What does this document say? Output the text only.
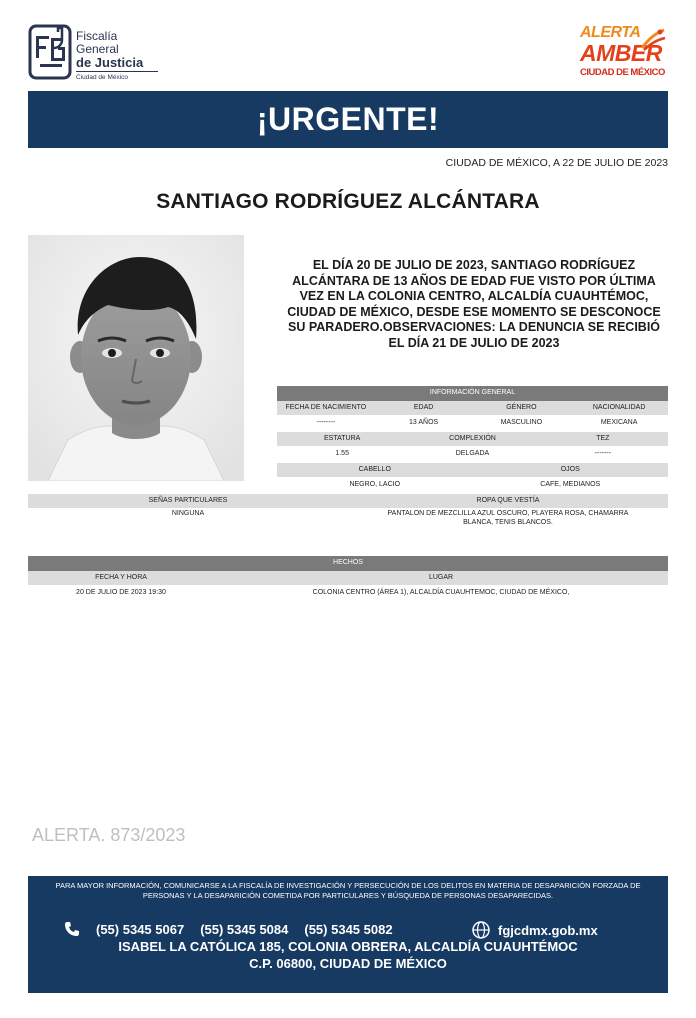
Fiscalía
General
de Justicia
Ciudad de México
ALERTA
AMBER
CIUDAD DE MÉXICO
¡URGENTE!
CIUDAD DE MÉXICO, A 22 DE JULIO DE 2023
SANTIAGO RODRÍGUEZ ALCÁNTARA
EL DÍA 20 DE JULIO DE 2023, SANTIAGO RODRÍGUEZ ALCÁNTARA DE 13 AÑOS DE EDAD FUE VISTO POR ÚLTIMA VEZ EN LA COLONIA CENTRO, ALCALDÍA CUAUHTÉMOC, CIUDAD DE MÉXICO, DESDE ESE MOMENTO SE DESCONOCE SU PARADERO.OBSERVACIONES: LA DENUNCIA SE RECIBIÓ EL DÍA 21 DE JULIO DE 2023
INFORMACIÓN GENERAL
FECHA DE NACIMIENTO	EDAD	GÉNERO	NACIONALIDAD
--------	13 AÑOS	MASCULINO	MEXICANA
ESTATURA	COMPLEXIÓN	TEZ
1.55	DELGADA	-------
CABELLO	OJOS
NEGRO, LACIO	CAFE, MEDIANOS
SEÑAS PARTICULARES	ROPA QUE VESTÍA
NINGUNA	PANTALON DE MEZCLILLA AZUL OSCURO, PLAYERA ROSA, CHAMARRA BLANCA, TENIS BLANCOS.
HECHOS
FECHA Y HORA	LUGAR
20 DE JULIO DE 2023 19:30	COLONIA CENTRO (ÁREA 1), ALCALDÍA CUAUHTEMOC, CIUDAD DE MÉXICO,
ALERTA. 873/2023
PARA MAYOR INFORMACIÓN, COMUNICARSE A LA FISCALÍA DE INVESTIGACIÓN Y PERSECUCIÓN DE LOS DELITOS EN MATERIA DE DESAPARICIÓN FORZADA DE PERSONAS Y LA DESAPARICIÓN COMETIDA POR PARTICULARES Y BÚSQUEDA DE PERSONAS DESAPARECIDAS.
(55) 5345 5067 (55) 5345 5084 (55) 5345 5082	fgjcdmx.gob.mx
ISABEL LA CATÓLICA 185, COLONIA OBRERA, ALCALDÍA CUAUHTÉMOC
C.P. 06800, CIUDAD DE MÉXICO
